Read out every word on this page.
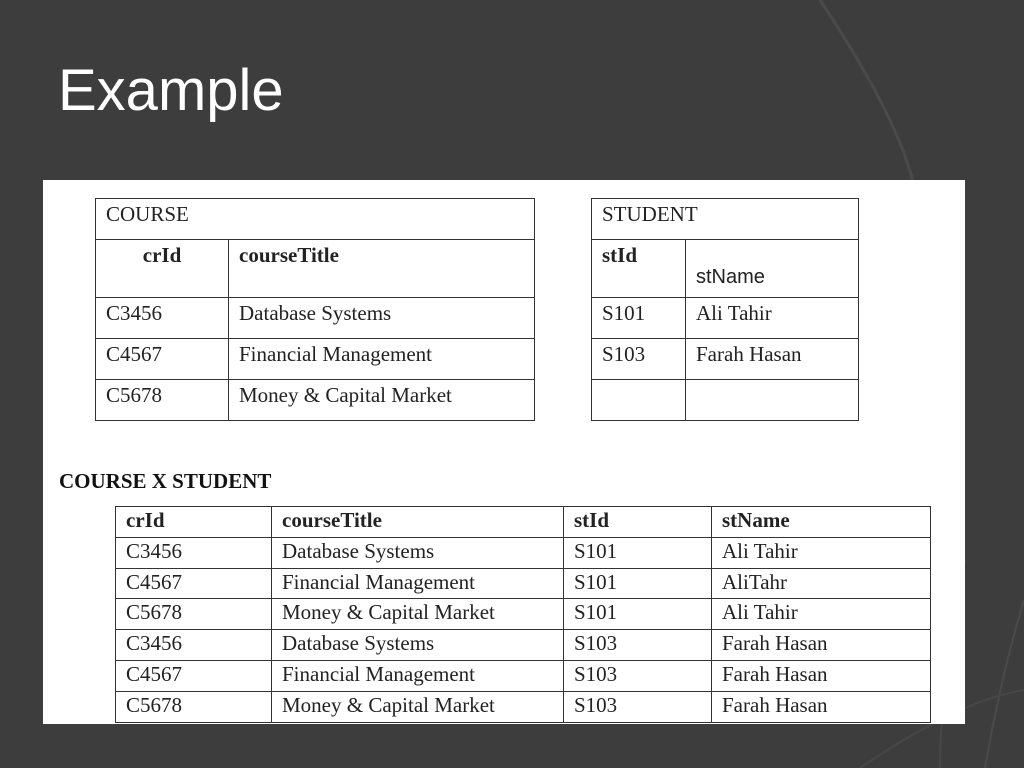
Example
COURSE	
crId	courseTitle
C3456	Database Systems
C4567	Financial Management
C5678	Money & Capital Market
STUDENT	
stId	stName
S101	Ali Tahir
S103	Farah Hasan

COURSE X STUDENT
crId	courseTitle	stId	stName
C3456	Database Systems	S101	Ali Tahir
C4567	Financial Management	S101	AliTahr
C5678	Money & Capital Market	S101	Ali Tahir
C3456	Database Systems	S103	Farah Hasan
C4567	Financial Management	S103	Farah Hasan
C5678	Money & Capital Market	S103	Farah Hasan
